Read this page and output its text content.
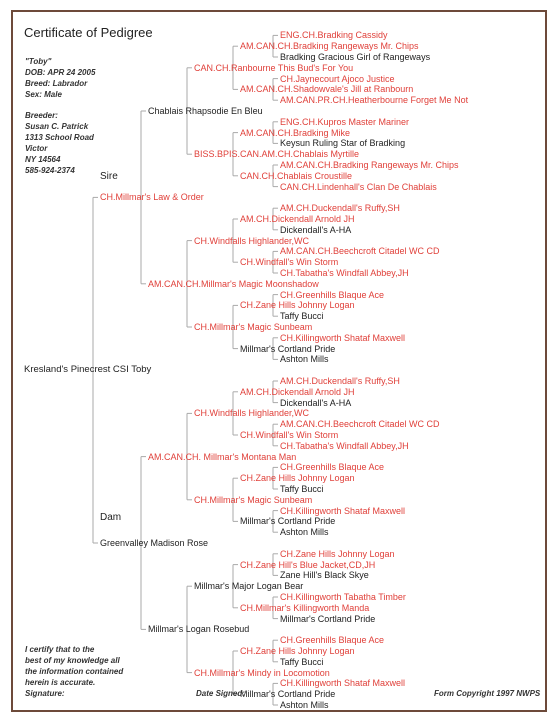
Certificate of Pedigree
"Toby"
DOB: APR 24 2005
Breed: Labrador
Sex: Male
Breeder:
Susan C. Patrick
1313 School Road
Victor
NY 14564
585-924-2374
Sire
Dam
Kresland's Pinecrest CSI Toby
CH.Millmar's Law & Order
Chablais Rhapsodie En Bleu
CAN.CH.Ranbourne This Bud's For You
AM.CAN.CH.Bradking Rangeways Mr. Chips
ENG.CH.Bradking Cassidy
Bradking Gracious Girl of Rangeways
AM.CAN.CH.Shadowvale's Jill at Ranbourn
CH.Jaynecourt Ajoco Justice
AM.CAN.PR.CH.Heatherbourne Forget Me Not
BISS.BPIS.CAN.AM.CH.Chablais Myrtille
AM.CAN.CH.Bradking Mike
ENG.CH.Kupros Master Mariner
Keysun Ruling Star of Bradking
CAN.CH.Chablais Croustille
AM.CAN.CH.Bradking Rangeways Mr. Chips
CAN.CH.Lindenhall's Clan De Chablais
AM.CAN.CH.Millmar's Magic Moonshadow
CH.Windfalls Highlander,WC
AM.CH.Dickendall Arnold JH
AM.CH.Duckendall's Ruffy,SH
Dickendall's A-HA
CH.Windfall's Win Storm
AM.CAN.CH.Beechcroft Citadel WC CD
CH.Tabatha's Windfall Abbey,JH
CH.Millmar's Magic Sunbeam
CH.Zane Hills Johnny Logan
CH.Greenhills Blaque Ace
Taffy Bucci
Millmar's Cortland Pride
CH.Killingworth Shataf Maxwell
Ashton Mills
Greenvalley Madison Rose
AM.CAN.CH. Millmar's Montana Man
CH.Windfalls Highlander,WC
AM.CH.Dickendall Arnold JH
AM.CH.Duckendall's Ruffy,SH
Dickendall's A-HA
CH.Windfall's Win Storm
AM.CAN.CH.Beechcroft Citadel WC CD
CH.Tabatha's Windfall Abbey,JH
CH.Millmar's Magic Sunbeam
CH.Zane Hills Johnny Logan
CH.Greenhills Blaque Ace
Taffy Bucci
Millmar's Cortland Pride
CH.Killingworth Shataf Maxwell
Ashton Mills
Millmar's Logan Rosebud
Millmar's Major Logan Bear
CH.Zane Hill's Blue Jacket,CD,JH
CH.Zane Hills Johnny Logan
Zane Hill's Black Skye
CH.Millmar's Killingworth Manda
CH.Killingworth Tabatha Timber
Millmar's Cortland Pride
CH.Millmar's Mindy in Locomotion
CH.Zane Hills Johnny Logan
CH.Greenhills Blaque Ace
Taffy Bucci
Millmar's Cortland Pride
CH.Killingworth Shataf Maxwell
Ashton Mills
I certify that to the
best of my knowledge all
the information contained
herein is accurate.
Signature:	Date Signed:	Form Copyright 1997 NWPS
